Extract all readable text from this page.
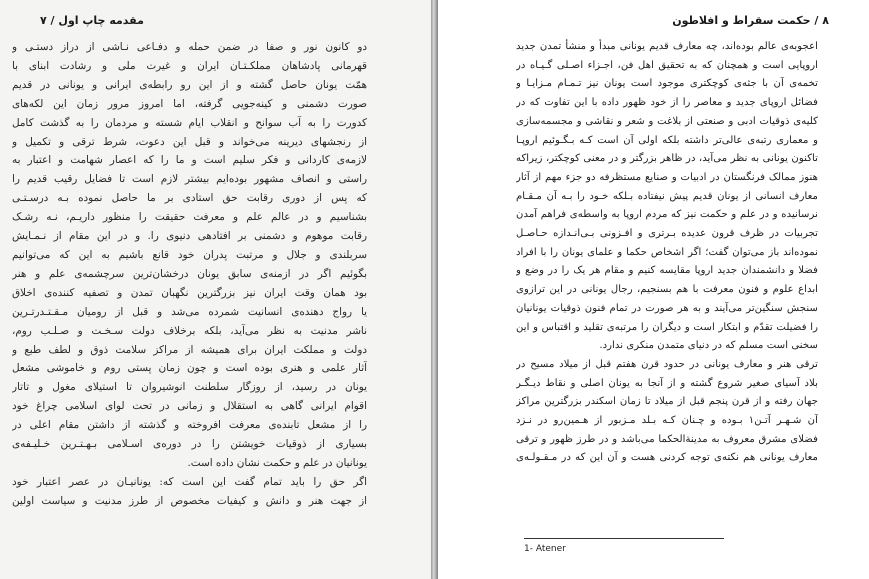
مقدمه چاپ اول / ٧
دو کانون نور و صفا در ضمن حمله و دفـاعی نـاشی از دراز دستـی و
قهرمانی پادشاهان مملکـتـان ایران و غیرت ملی و رشادت ابنای با
همّت یونان حاصل گشته و از این رو رابطه‌ی ایرانی و یونانی در قدیم
صورت دشمنی و کینه‌جویی گرفته، اما امروز مرور زمان این لکه‌های
کدورت را به آب سوانح و انقلاب ایام شسته و مردمان را به گذشت کامل
از رنجشهای دیرینه می‌خواند و قبل این دعوت، شرط ترقی و تکمیل و
لازمه‌ی کاردانی و فکر سلیم است و ما را که اعصار شهامت و اعتبار به
راستی و انصاف مشهور بوده‌ایم بیشتر لازم است تا فضایل رقیب قدیم را
که پس از دوری رقابت حق استادی بر ما حاصل نموده بـه درسـتـی
بشناسیم و در عالم علم و معرفت حقیقت را منظور داریـم، نـه رشـک
رقابت موهوم و دشمنی بر افتادهی دنیوی را. و در این مقام از نـمـایش
سربلندی و جلال و مرتبت پدران خود قانع باشیم به این که می‌توانیم
بگوئیم اگر در ازمنه‌ی سابق یونان درخشان‌ترین سرچشمه‌ی علم و هنر
بود همان وقت ایران نیز بزرگترین نگهبان تمدن و تصفیه کننده‌ی اخلاق
یا رواج دهنده‌ی انسانیت شمرده می‌شد و قبل از رومیان مـقـتـدرتـرین
ناشر مدنیت به نظر می‌آید، بلکه برخلاف دولت سـخـت و صـلـب روم،
دولت و مملکت ایران برای همیشه از مراکز سلامت ذوق و لطف طبع و
آثار علمی و هنری بوده است و چون زمان پستی روم و خاموشی مشعل
یونان در رسید، از روزگار سلطنت انوشیروان تا استیلای مغول و تاتار
اقوام ایرانی گاهی به استقلال و زمانی در تحت لوای اسلامی چراغ خود
را از مشعل تابنده‌ی معرفت افروخته و گذشته از داشتن مقام اعلی در
بسیاری از ذوقیات خویشتن را در دوره‌ی اسـلامی بـهـتـرین خـلیـفه‌ی
یونانیان در علم و حکمت نشان داده است.
اگر حق را باید تمام گفت این است که: یونانیـان در عصر اعتبار خود
از جهت هنر و دانش و کیفیات مخصوص از طرز مدنیت و سیاست اولین
٨ / حکمت سقراط و افلاطون
اعجوبه‌ی عالم بوده‌اند، چه معارف قدیم یونانی مبدأ و منشأ تمدن جدید
اروپایی است و همچنان که به تحقیق اهل فن، اجـزاء اصـلی گـیـاه در
تخمه‌ی آن با جثه‌ی کوچکتری موجود است یونان نیز تـمـام مـزایـا و
فضائل اروپای جدید و معاصر را از خود ظهور داده با این تفاوت که در
کلیه‌ی ذوقیات ادبی و صنعتی از بلاغت و شعر و نقاشی و مجسمه‌سازی
و معماری رتبه‌ی عالی‌تر داشته بلکه اولی آن است کـه بـگـوئیم اروپـا
تاکنون یونانی به نظر می‌آید، در ظاهر بزرگتر و در معنی کوچکتر، زیراکه
هنوز ممالک فرنگستان در ادبیات و صنایع مستظرفه دو جزء مهم از آثار
معارف انسانی از یونان قدیم پیش نیفتاده بـلکه خـود را بـه آن مـقـام
نرسانیده و در علم و حکمت نیز که مردم اروپا به واسطه‌ی فراهم آمدن
تجربیات در ظرف قرون عدیده بـرتری و افـزونی بـی‌انـدازه حـاصـل
نموده‌اند باز می‌توان گفت؛ اگر اشخاص حکما و علمای یونان را با افراد
فضلا و دانشمندان جدید اروپا مقایسه کنیم و مقام هر یک را در وضع و
ابداع علوم و فنون معرفت با هم بسنجیم، رجال یونانی در این ترازوی
سنجش سنگین‌تر می‌آیند و به هر صورت در تمام فنون ذوقیات یونانیان
را فضیلت تقدّم و ابتکار است و دیگران را مرتبه‌ی تقلید و اقتباس و این
سخنی است مسلم که در دنیای متمدن منکری ندارد.
ترقی هنر و معارف یونانی در حدود قرن هفتم قبل از میلاد مسیح در
بلاد آسیای صغیر شروع گشته و از آنجا به یونان اصلی و نقاط دیـگـر
جهان رفته و از قرن پنجم قبل از میلاد تا زمان اسکندر بزرگترین مراکز
آن شـهـر آتـن١ بـوده و چـنان کـه بـلد مـزبور از هـمین‌رو در نـزد
فضلای مشرق معروف به مدینةالحکما می‌باشد و در طرز ظهور و ترقی
معارف یونانی هم نکته‌ی توجه کردنی هست و آن این که در مـقـولـه‌ی
1- Atener
